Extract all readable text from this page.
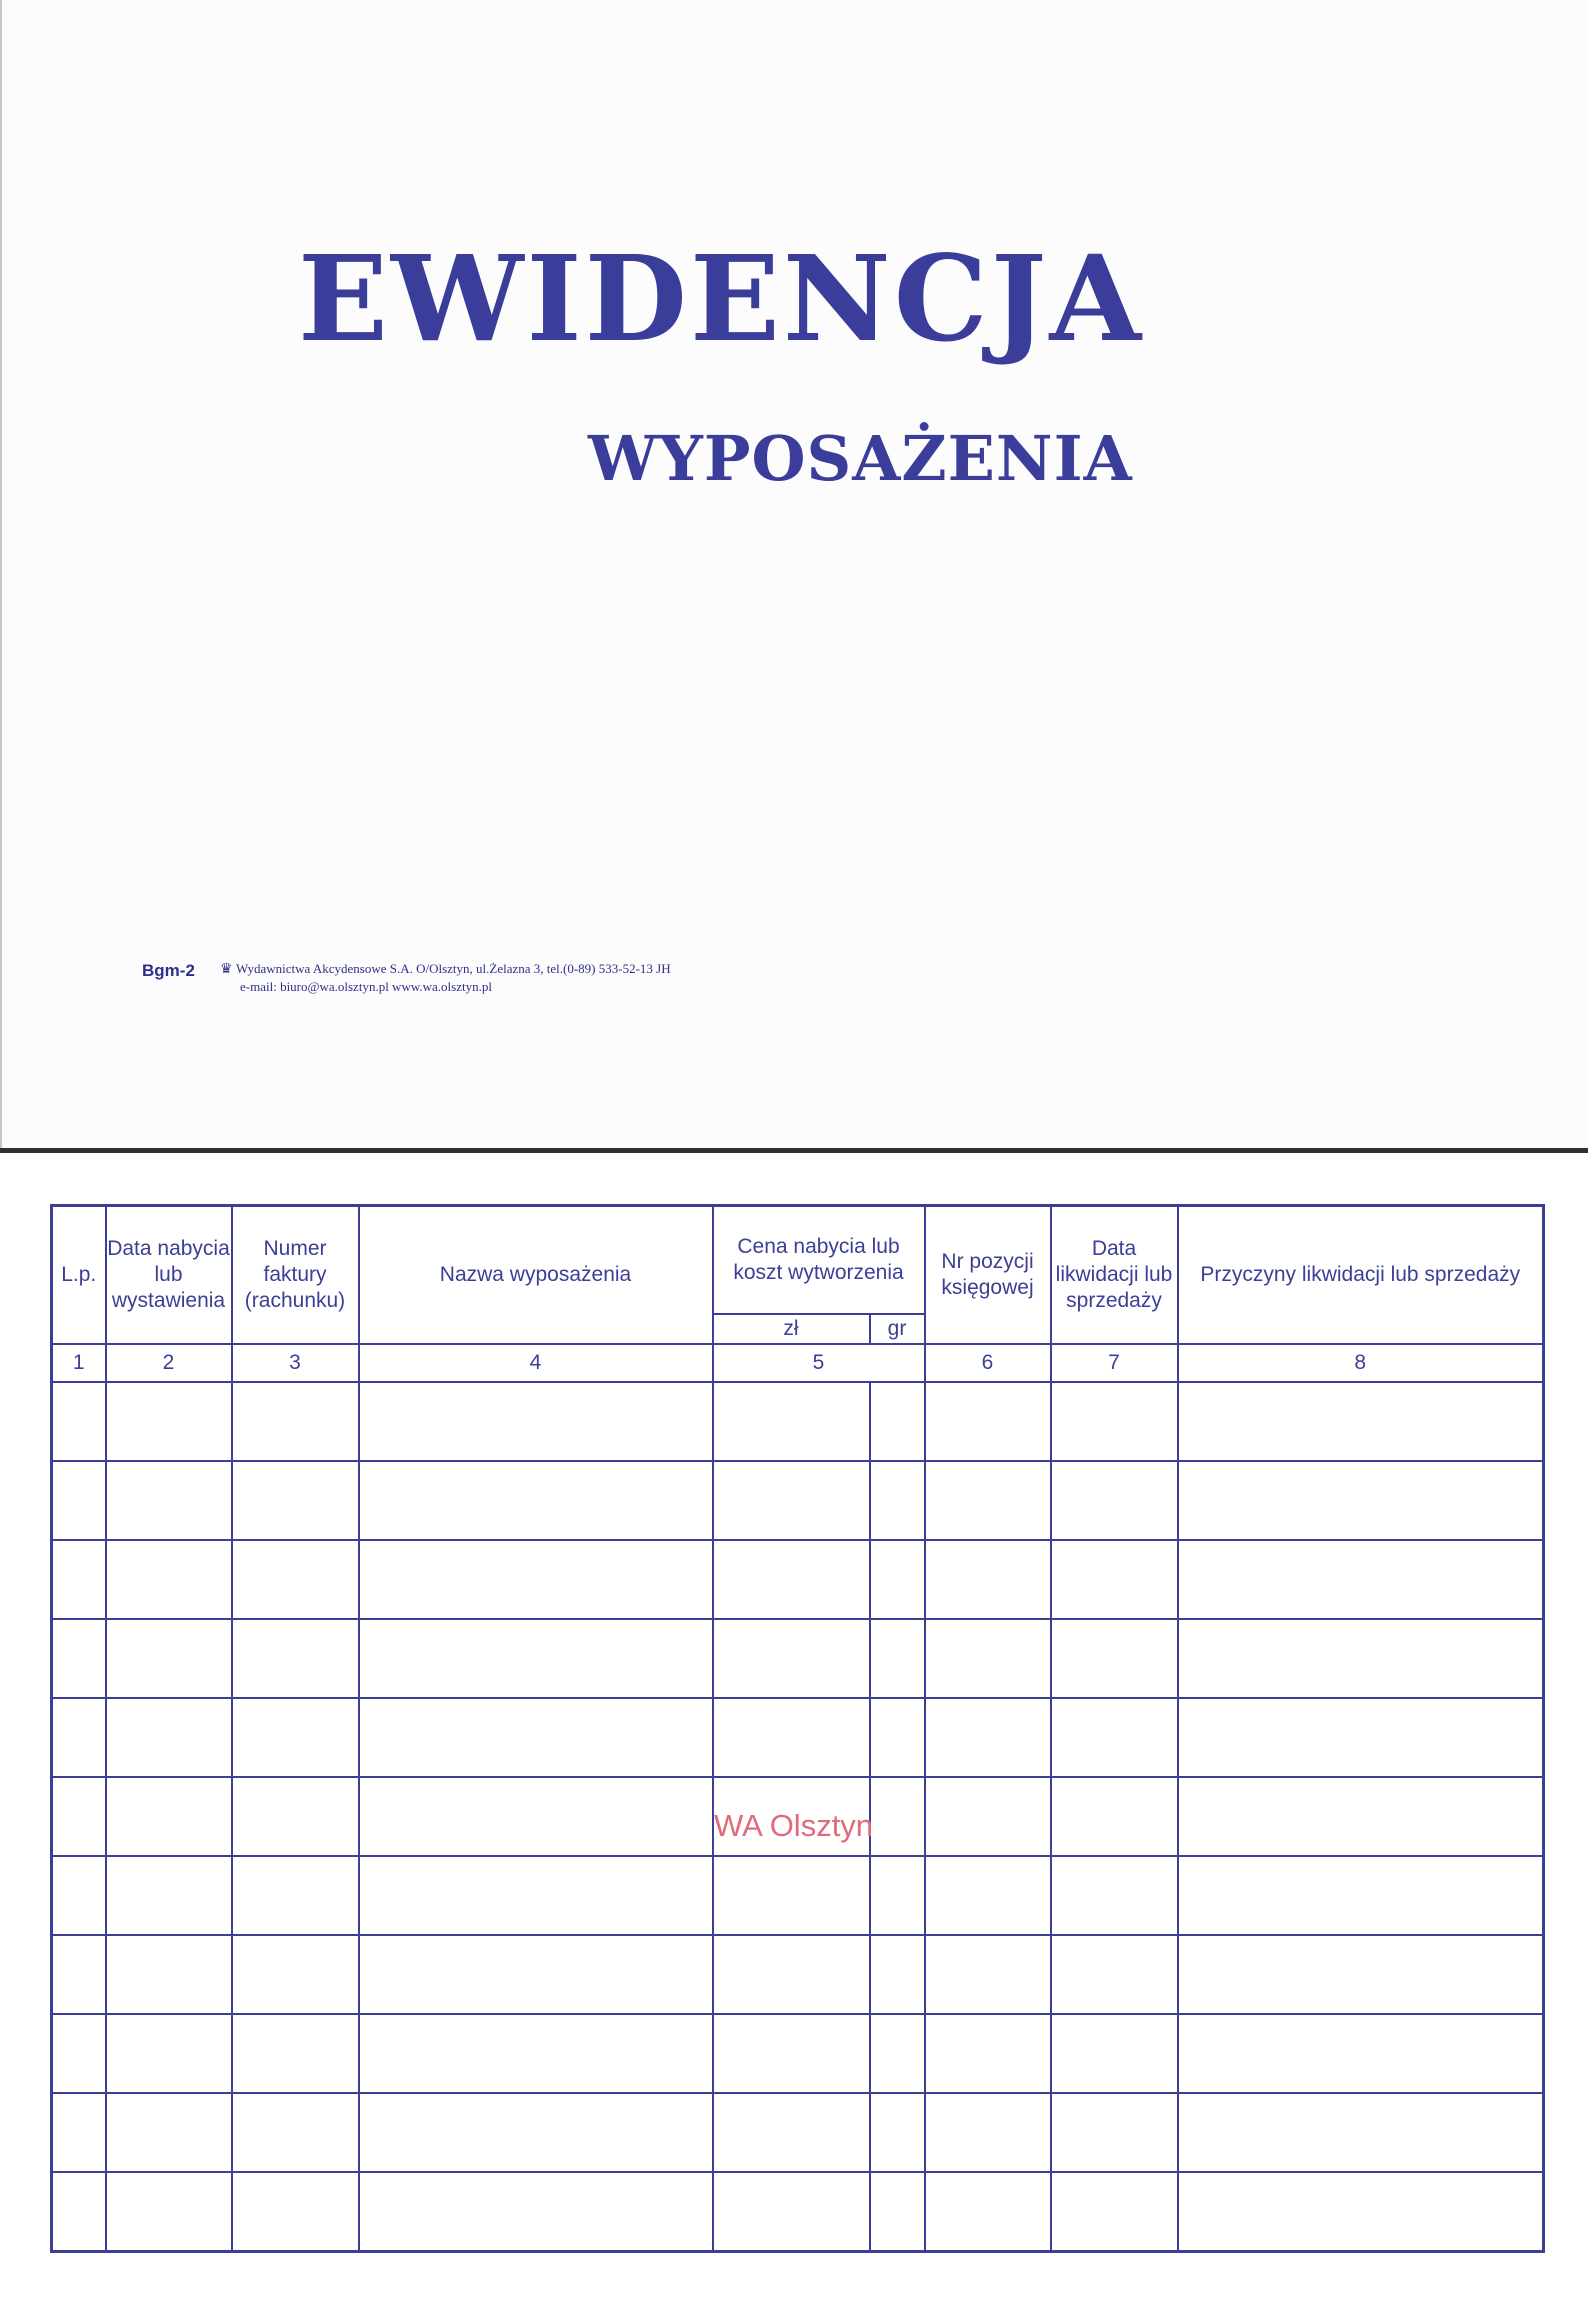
EWIDENCJA
WYPOSAŻENIA
Bgm-2 ♛ Wydawnictwa Akcydensowe S.A. O/Olsztyn, ul.Żelazna 3, tel.(0-89) 533-52-13 JH
e-mail: biuro@wa.olsztyn.pl www.wa.olsztyn.pl
L.p.	Data nabycia lub wystawienia	Numer faktury (rachunku)	Nazwa wyposażenia	Cena nabycia lub koszt wytworzenia		Nr pozycji księgowej	Data likwidacji lub sprzedaży	Przyczyny likwidacji lub sprzedaży
				zł	gr			
1	2	3	4	5		6	7	8

WA Olsztyn
